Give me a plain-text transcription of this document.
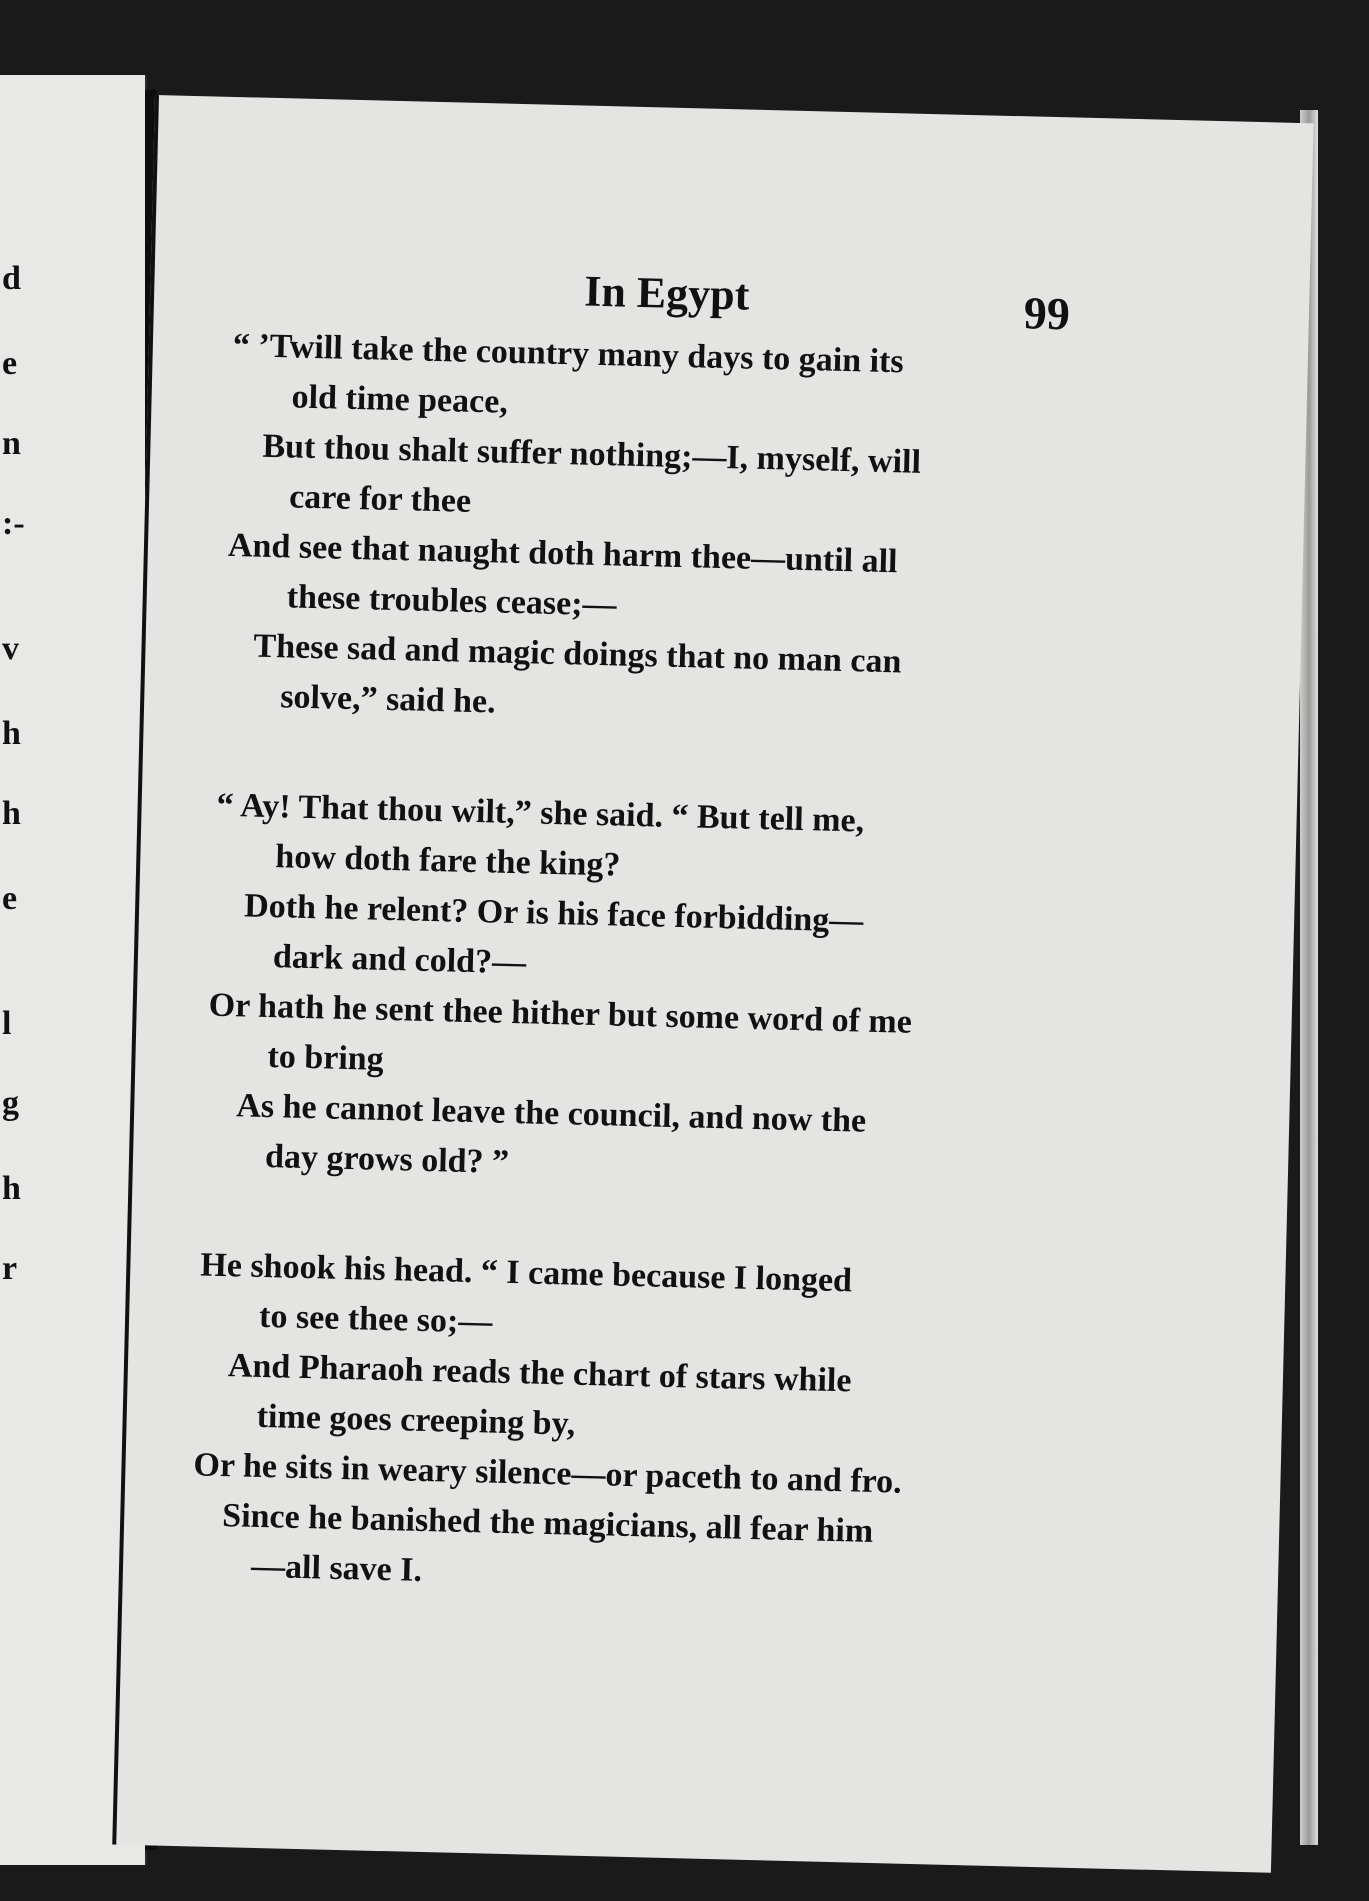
d
e
n
:-
v
h
h
e
l
g
h
r
In Egypt	99
“ ’Twill take the country many days to gain its
old time peace,
But thou shalt suffer nothing;—I, myself, will
care for thee
And see that naught doth harm thee—until all
these troubles cease;—
These sad and magic doings that no man can
solve,” said he.
“ Ay! That thou wilt,” she said. “ But tell me,
how doth fare the king?
Doth he relent? Or is his face forbidding—
dark and cold?—
Or hath he sent thee hither but some word of me
to bring
As he cannot leave the council, and now the
day grows old? ”
He shook his head. “ I came because I longed
to see thee so;—
And Pharaoh reads the chart of stars while
time goes creeping by,
Or he sits in weary silence—or paceth to and fro.
Since he banished the magicians, all fear him
—all save I.
